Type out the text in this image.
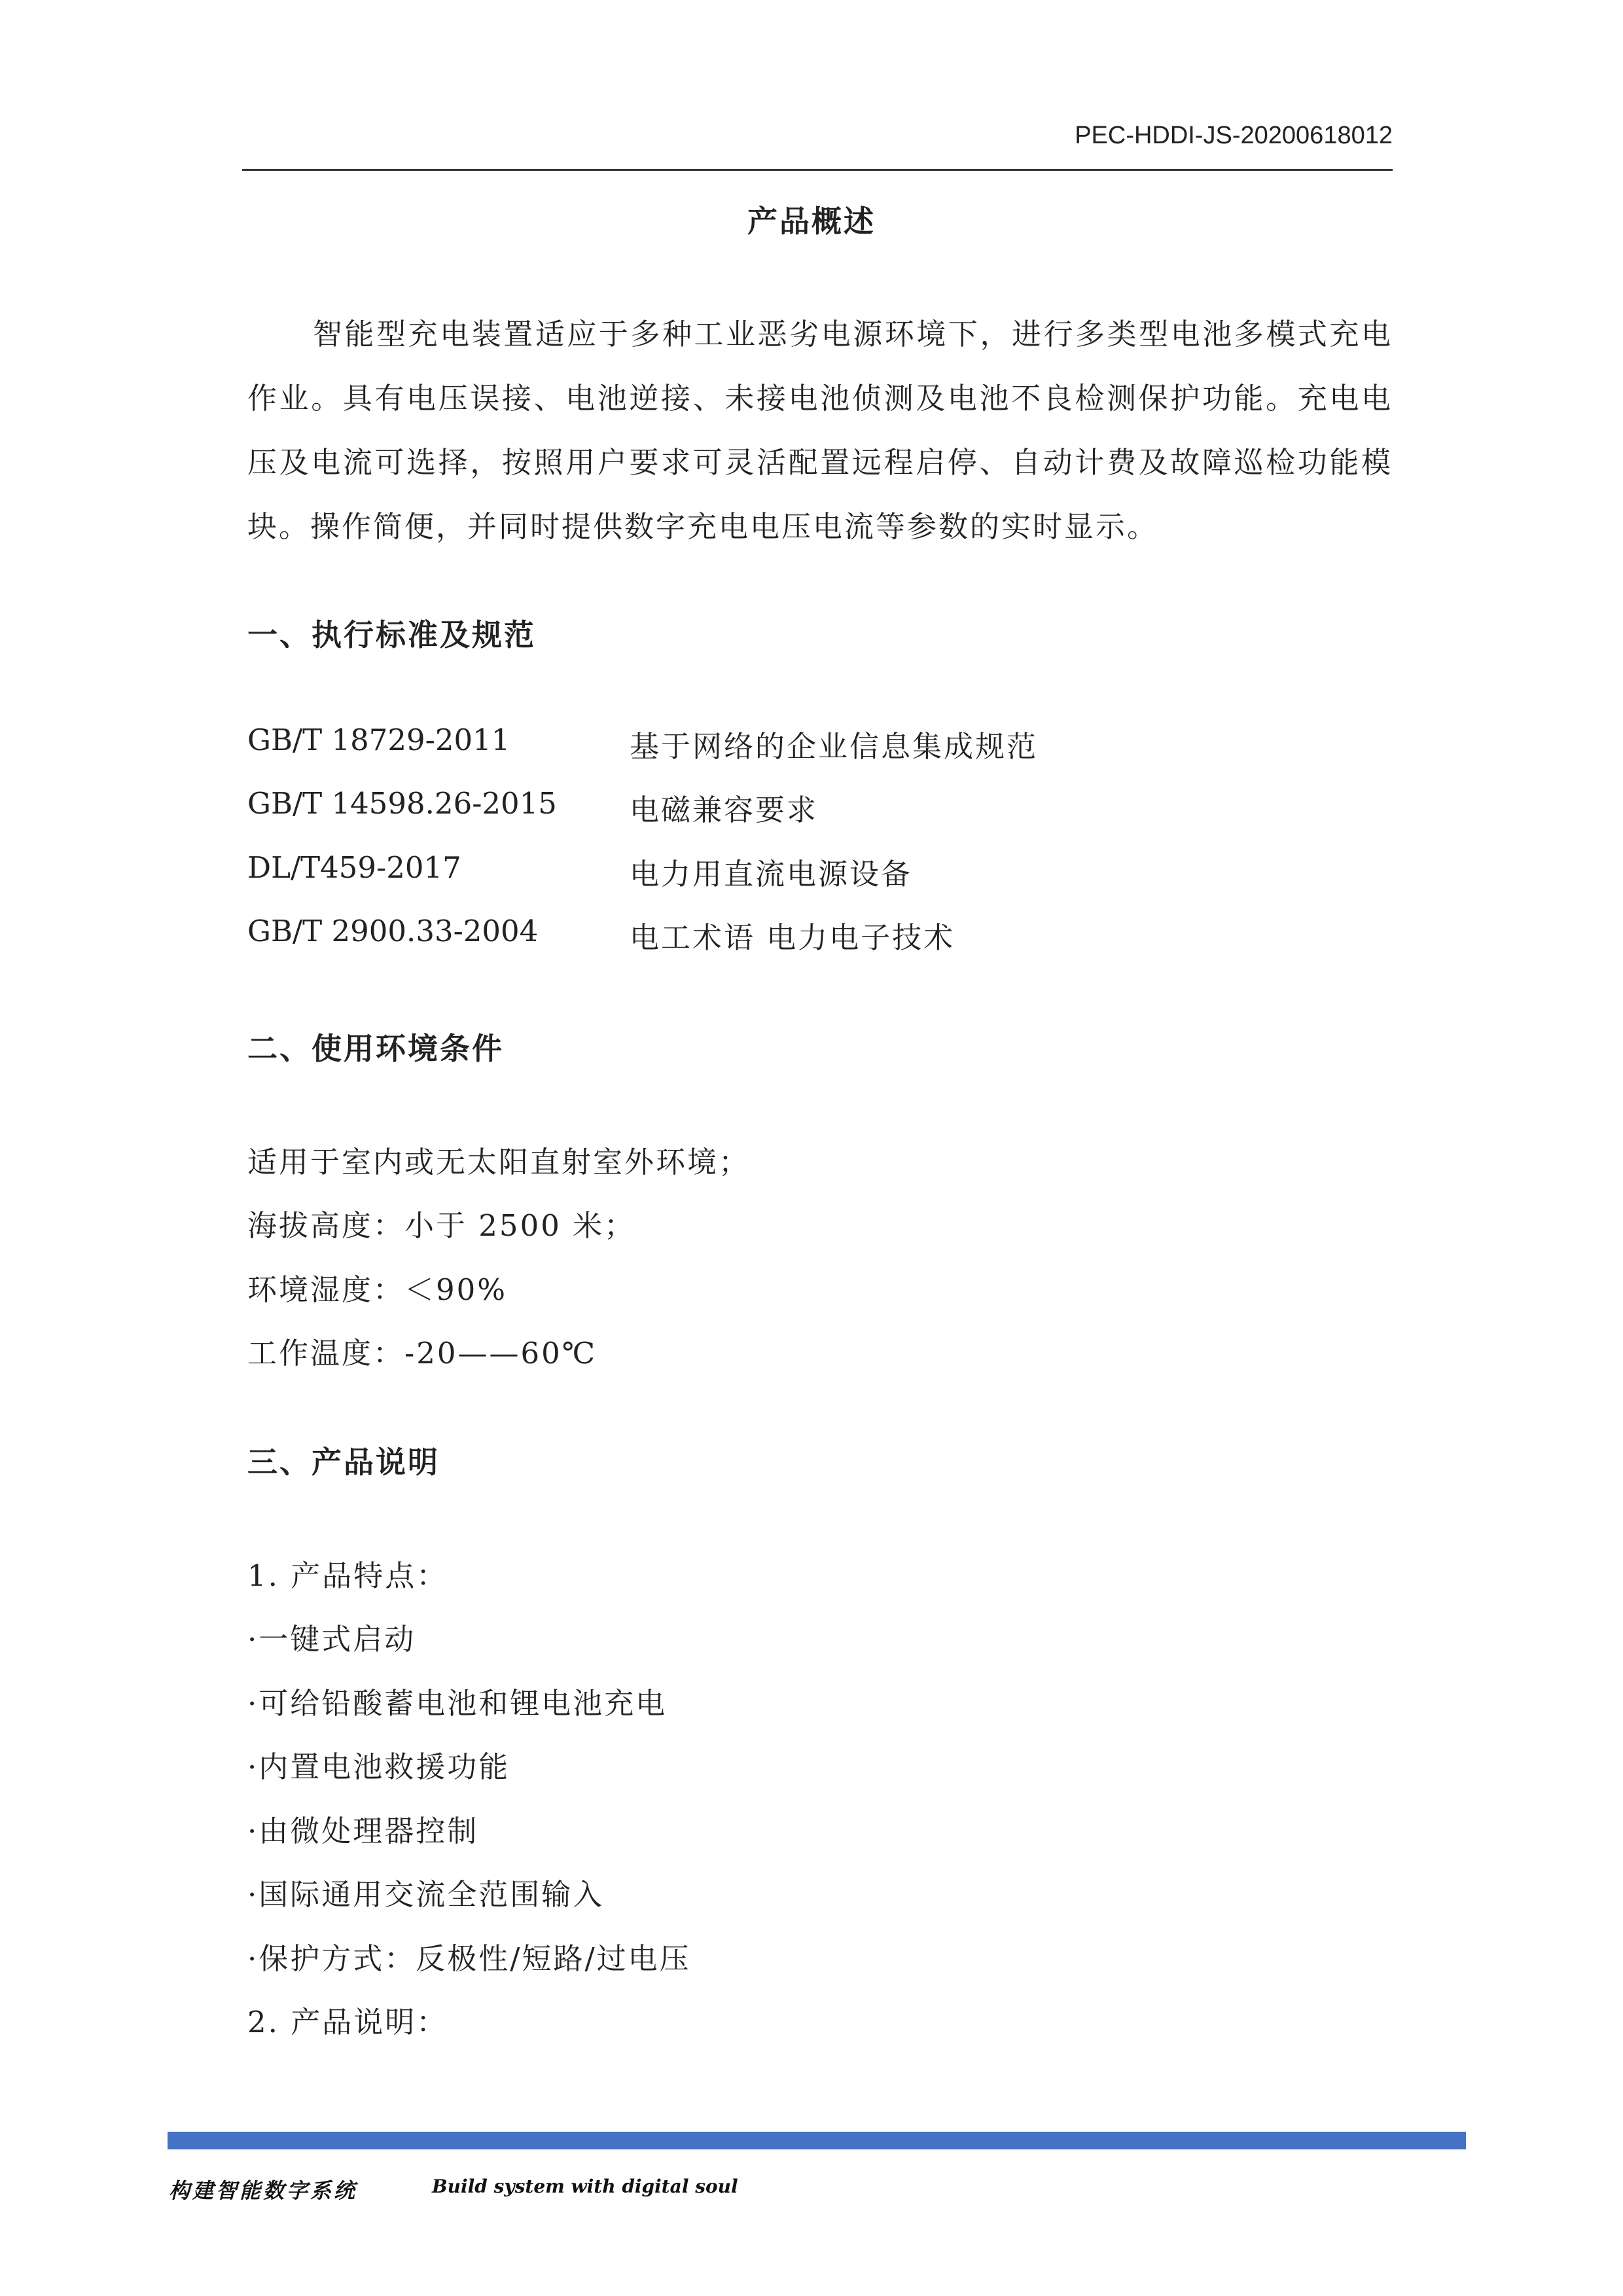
PEC-HDDI-JS-20200618012
产品概述

智能型充电装置适应于多种工业恶劣电源环境下，进行多类型电池多模式充电作业。具有电压误接、电池逆接、未接电池侦测及电池不良检测保护功能。充电电压及电流可选择，按照用户要求可灵活配置远程启停、自动计费及故障巡检功能模块。操作简便，并同时提供数字充电电压电流等参数的实时显示。

一、执行标准及规范
GB/T 18729-2011	基于网络的企业信息集成规范
GB/T 14598.26-2015 电磁兼容要求
DL/T459-2017	电力用直流电源设备
GB/T 2900.33-2004	电工术语 电力电子技术
二、使用环境条件
适用于室内或无太阳直射室外环境；
海拔高度：小于 2500 米；
环境湿度：＜90%
工作温度：-20——60℃
三、产品说明
1. 产品特点：
·一键式启动
·可给铅酸蓄电池和锂电池充电
·内置电池救援功能
·由微处理器控制
·国际通用交流全范围输入
·保护方式：反极性/短路/过电压
2. 产品说明：
构建智能数字系统	Build system with digital soul
